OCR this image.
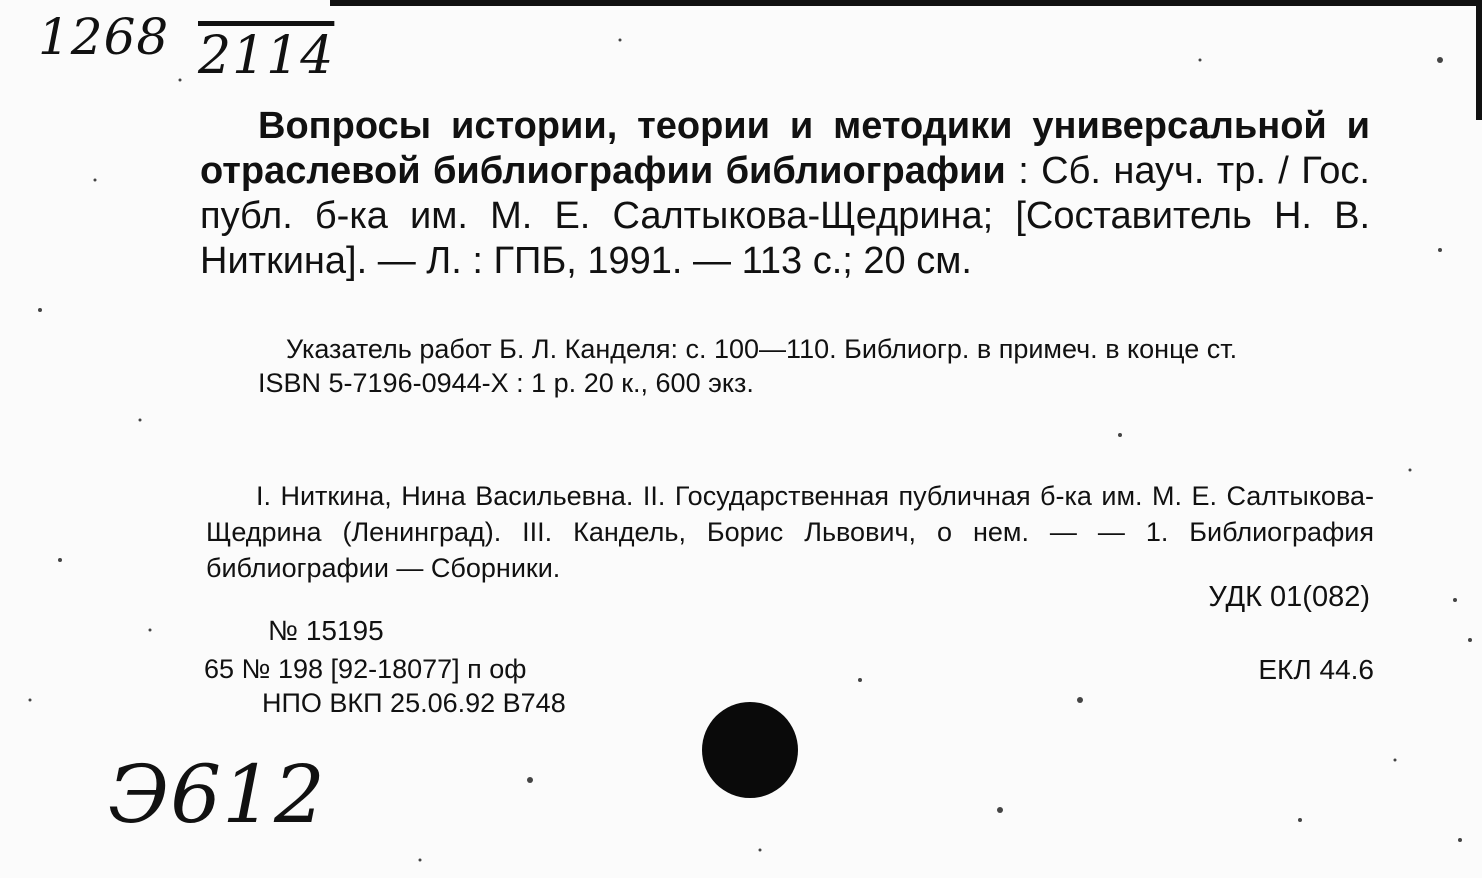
1268 2114
Вопросы истории, теории и методики универсальной и отраслевой библиографии библиографии : Сб. науч. тр. / Гос. публ. б-ка им. М. Е. Салтыкова-Щедрина; [Составитель Н. В. Ниткина]. — Л. : ГПБ, 1991. — 113 с.; 20 см.

Указатель работ Б. Л. Канделя: с. 100—110. Библиогр. в примеч. в конце ст.

ISBN 5-7196-0944-X : 1 р. 20 к., 600 экз.

I. Ниткина, Нина Васильевна. II. Государственная публичная б-ка им. М. Е. Салтыкова-Щедрина (Ленинград). III. Кандель, Борис Львович, о нем. — — 1. Библиография библиографии — Сборники.
УДК 01(082)
№ 15195
65 № 198 [92-18077] п оф	ЕКЛ 44.6
НПО ВКП 25.06.92 В748
Э612
